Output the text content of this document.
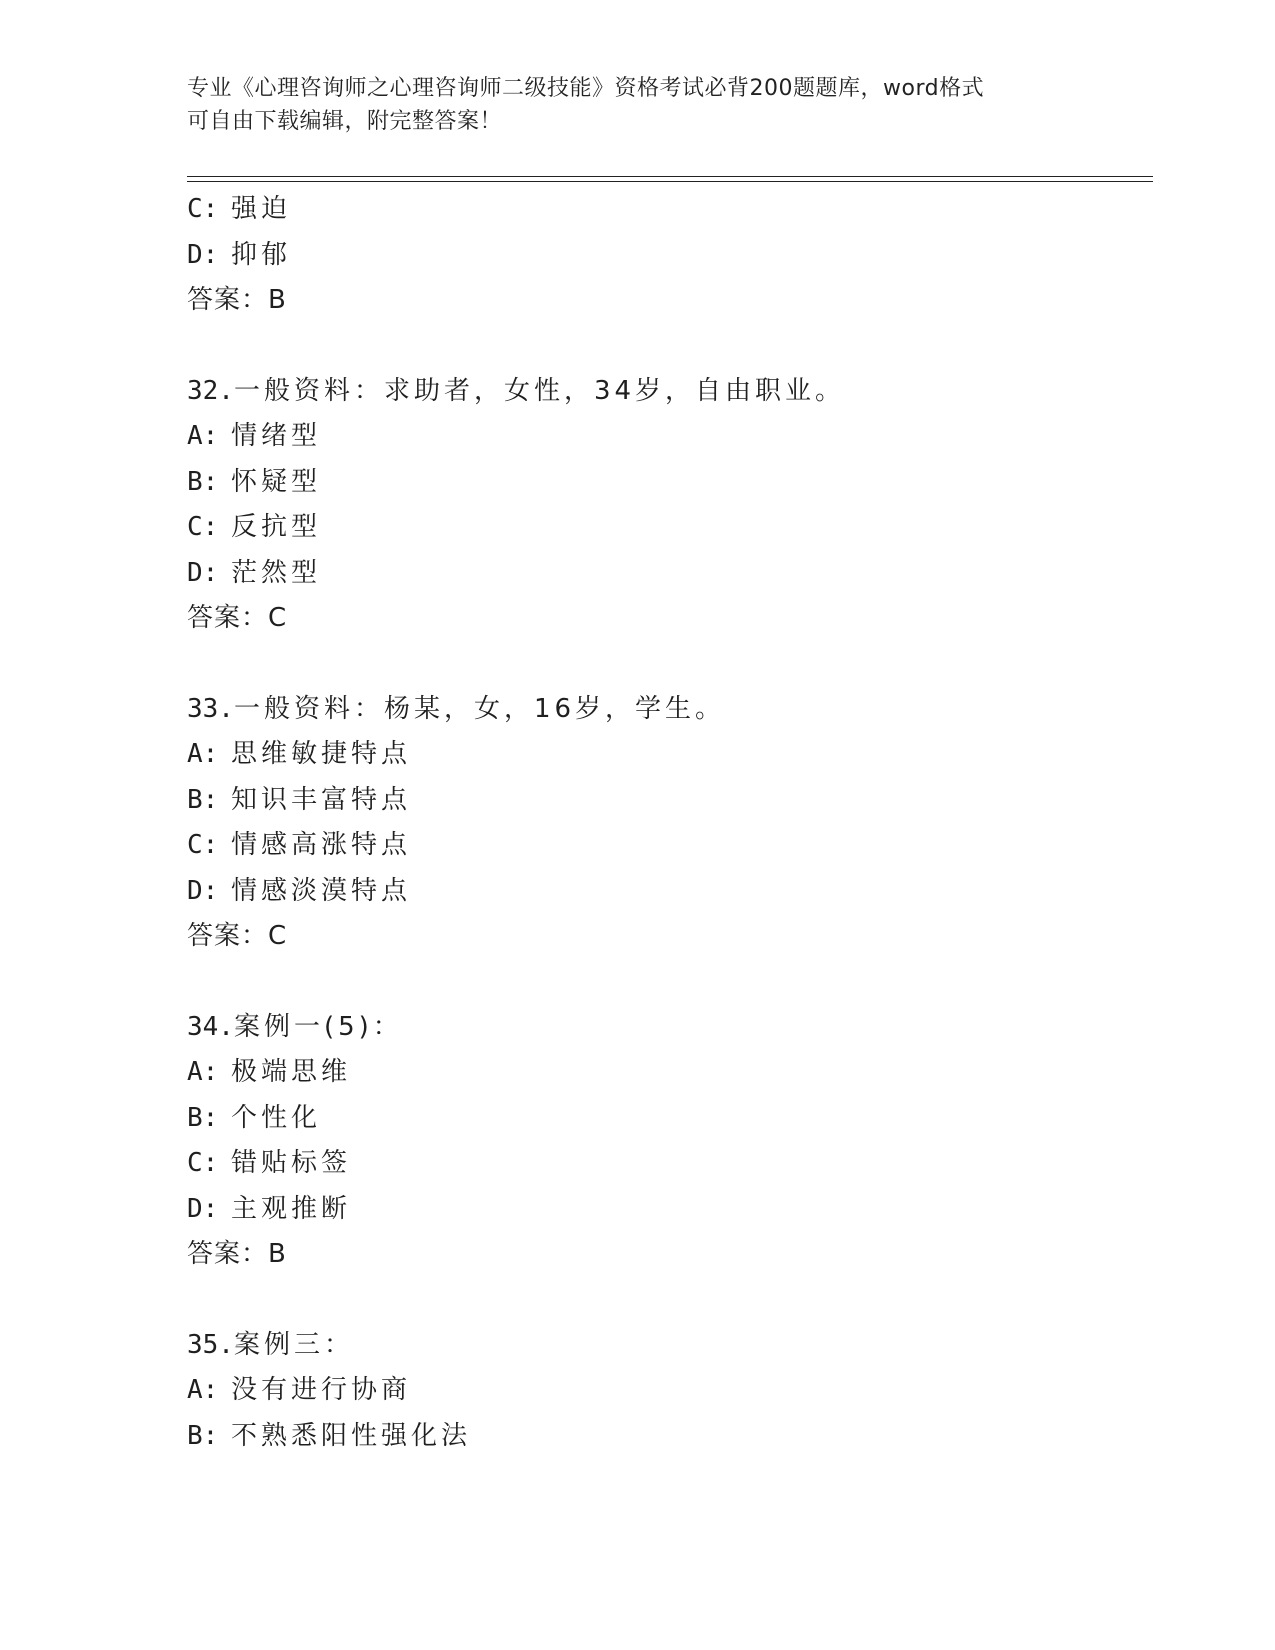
专业《心理咨询师之心理咨询师二级技能》资格考试必背200题题库，word格式
可自由下载编辑，附完整答案！
C: 强迫
D: 抑郁
答案：B
32.一般资料：求助者，女性，34岁，自由职业。
A: 情绪型
B: 怀疑型
C: 反抗型
D: 茫然型
答案：C
33.一般资料：杨某，女，16岁，学生。
A: 思维敏捷特点
B: 知识丰富特点
C: 情感高涨特点
D: 情感淡漠特点
答案：C
34.案例一(5)：
A: 极端思维
B: 个性化
C: 错贴标签
D: 主观推断
答案：B
35.案例三：
A: 没有进行协商
B: 不熟悉阳性强化法
